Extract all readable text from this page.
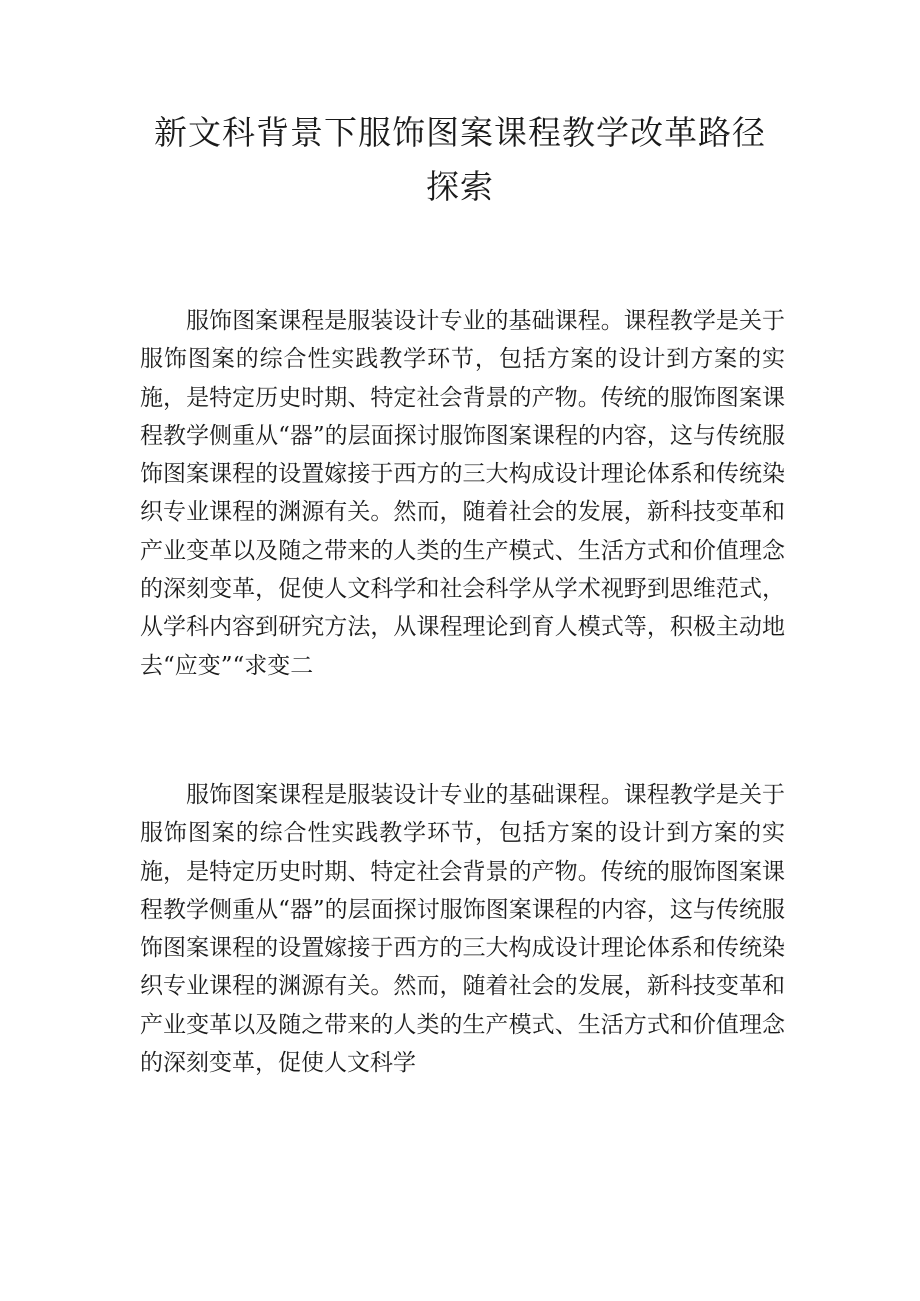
新文科背景下服饰图案课程教学改革路径
探索

服饰图案课程是服装设计专业的基础课程。课程教学是关于服饰图案的综合性实践教学环节，包括方案的设计到方案的实施，是特定历史时期、特定社会背景的产物。传统的服饰图案课程教学侧重从“器”的层面探讨服饰图案课程的内容，这与传统服饰图案课程的设置嫁接于西方的三大构成设计理论体系和传统染织专业课程的渊源有关。然而，随着社会的发展，新科技变革和产业变革以及随之带来的人类的生产模式、生活方式和价值理念的深刻变革，促使人文科学和社会科学从学术视野到思维范式，从学科内容到研究方法，从课程理论到育人模式等，积极主动地去“应变”“求变二

服饰图案课程是服装设计专业的基础课程。课程教学是关于服饰图案的综合性实践教学环节，包括方案的设计到方案的实施，是特定历史时期、特定社会背景的产物。传统的服饰图案课程教学侧重从“器”的层面探讨服饰图案课程的内容，这与传统服饰图案课程的设置嫁接于西方的三大构成设计理论体系和传统染织专业课程的渊源有关。然而，随着社会的发展，新科技变革和产业变革以及随之带来的人类的生产模式、生活方式和价值理念的深刻变革，促使人文科学
